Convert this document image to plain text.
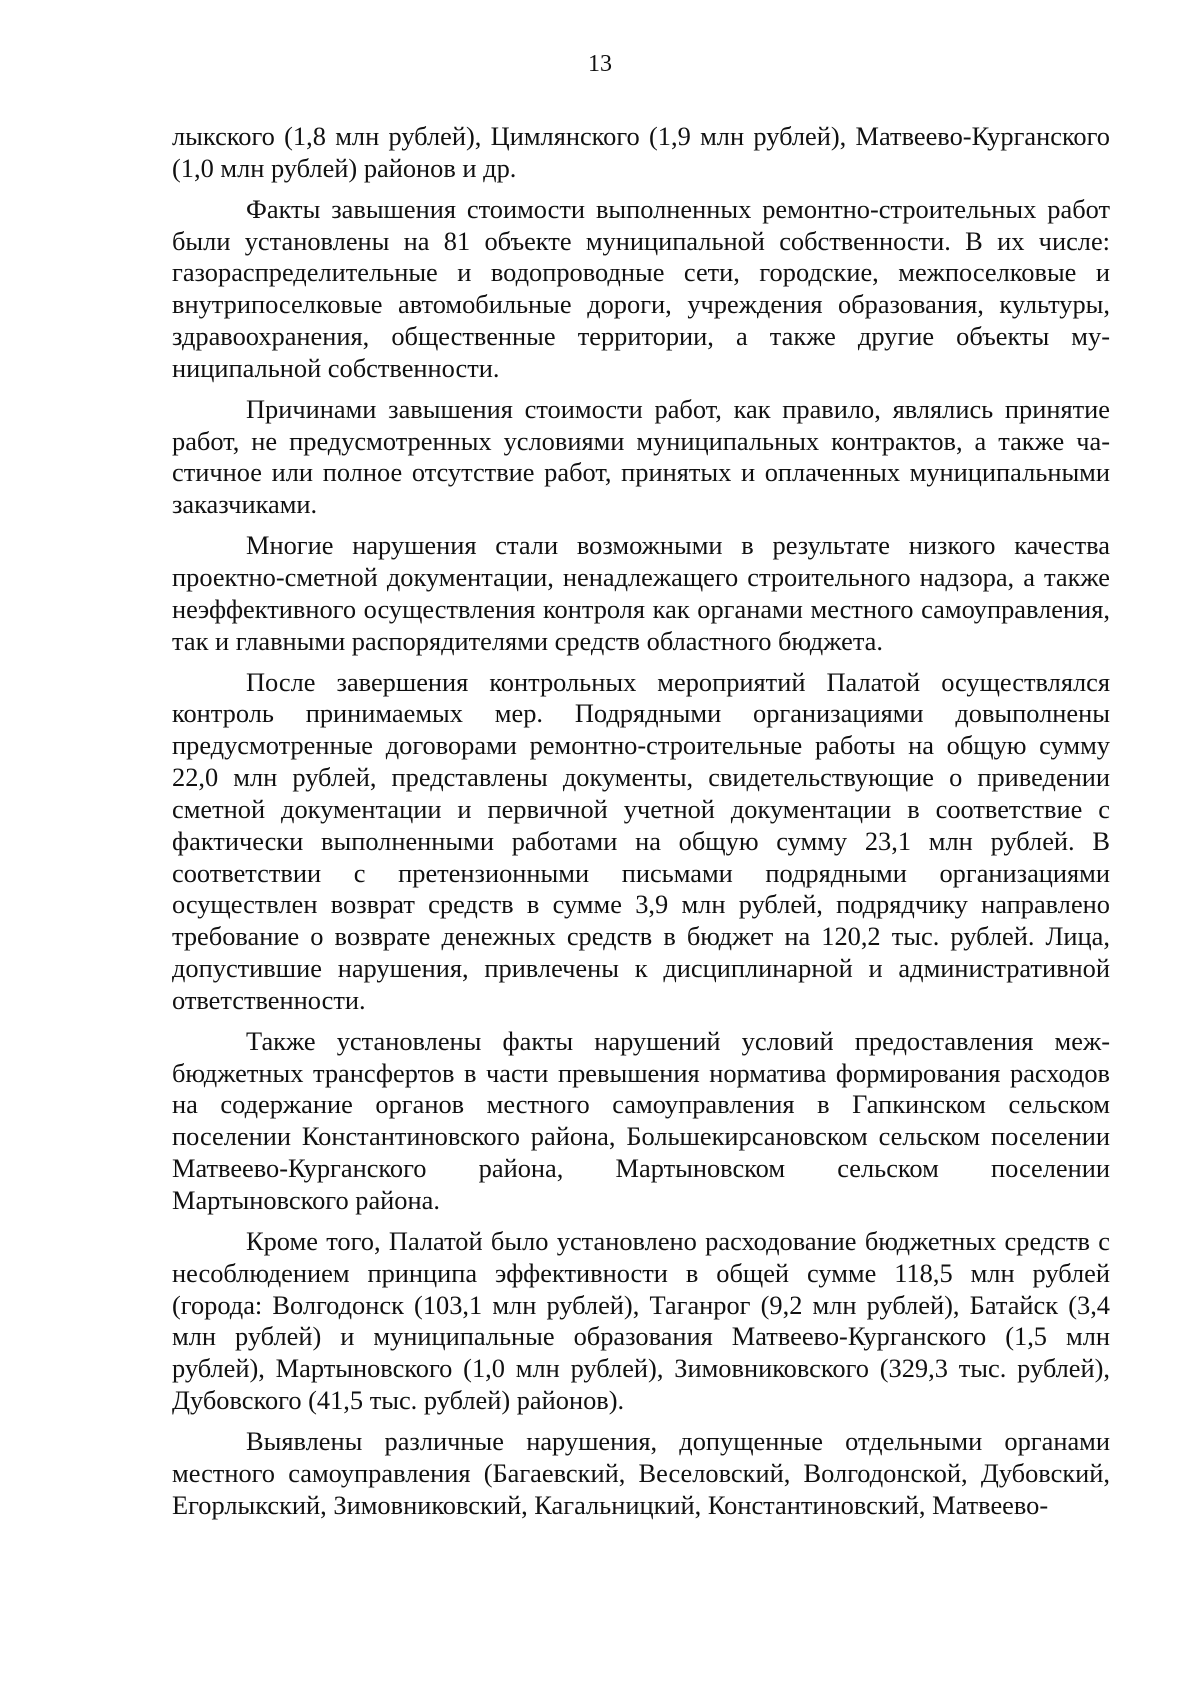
13

лыкского (1,8 млн рублей), Цимлянского (1,9 млн рублей), Матвеево-Курганского (1,0 млн рублей) районов и др.

Факты завышения стоимости выполненных ремонтно-строительных работ были установлены на 81 объекте муниципальной собственности. В их числе: газораспределительные и водопроводные сети, городские, межпоселковые и внутрипоселковые автомобильные дороги, учреждения образования, культуры, здравоохранения, общественные территории, а также другие объекты муниципальной собственности.

Причинами завышения стоимости работ, как правило, являлись принятие работ, не предусмотренных условиями муниципальных контрактов, а также частичное или полное отсутствие работ, принятых и оплаченных муниципальными заказчиками.

Многие нарушения стали возможными в результате низкого качества проектно-сметной документации, ненадлежащего строительного надзора, а также неэффективного осуществления контроля как органами местного самоуправления, так и главными распорядителями средств областного бюджета.

После завершения контрольных мероприятий Палатой осуществлялся контроль принимаемых мер. Подрядными организациями довыполнены предусмотренные договорами ремонтно-строительные работы на общую сумму 22,0 млн рублей, представлены документы, свидетельствующие о приведении сметной документации и первичной учетной документации в соответствие с фактически выполненными работами на общую сумму 23,1 млн рублей. В соответствии с претензионными письмами подрядными организациями осуществлен возврат средств в сумме 3,9 млн рублей, подрядчику направлено требование о возврате денежных средств в бюджет на 120,2 тыс. рублей. Лица, допустившие нарушения, привлечены к дисциплинарной и административной ответственности.

Также установлены факты нарушений условий предоставления межбюджетных трансфертов в части превышения норматива формирования расходов на содержание органов местного самоуправления в Гапкинском сельском поселении Константиновского района, Большекирсановском сельском поселении Матвеево-Курганского района, Мартыновском сельском поселении Мартыновского района.

Кроме того, Палатой было установлено расходование бюджетных средств с несоблюдением принципа эффективности в общей сумме 118,5 млн рублей (города: Волгодонск (103,1 млн рублей), Таганрог (9,2 млн рублей), Батайск (3,4 млн рублей) и муниципальные образования Матвеево-Курганского (1,5 млн рублей), Мартыновского (1,0 млн рублей), Зимовниковского (329,3 тыс. рублей), Дубовского (41,5 тыс. рублей) районов).

Выявлены различные нарушения, допущенные отдельными органами местного самоуправления (Багаевский, Веселовский, Волгодонской, Дубовский, Егорлыкский, Зимовниковский, Кагальницкий, Константиновский, Матвеево-
